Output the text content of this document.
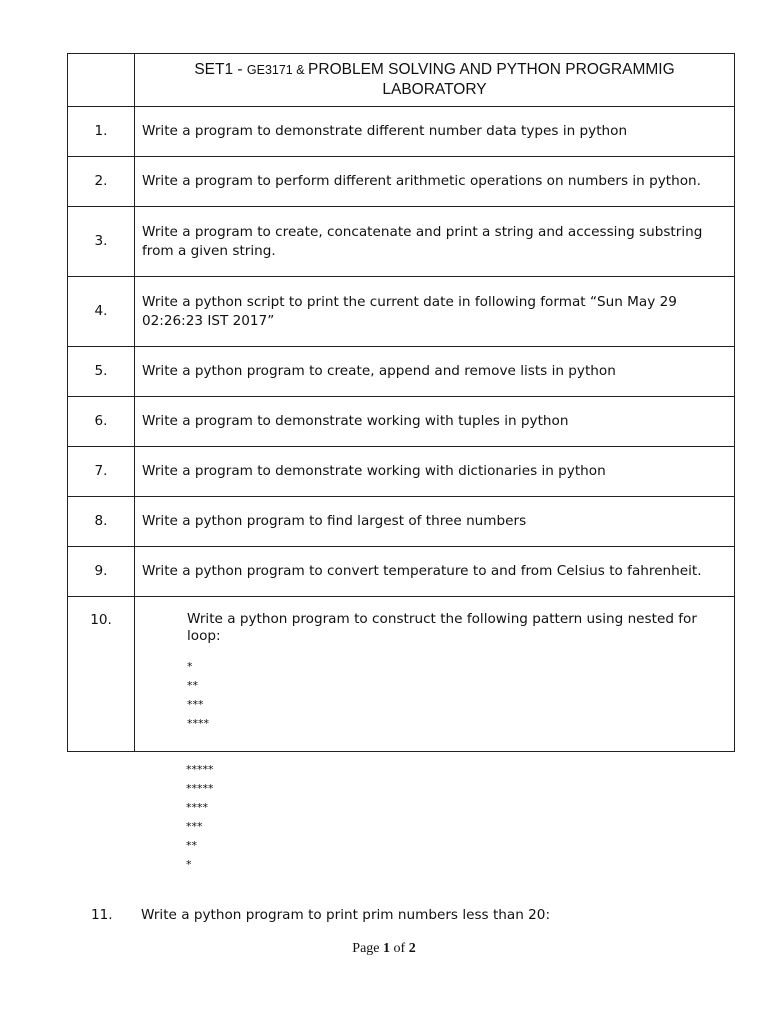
	SET1 - GE3171 & PROBLEM SOLVING AND PYTHON PROGRAMMIG
LABORATORY

1.	Write a program to demonstrate different number data types in python
2.	Write a program to perform different arithmetic operations on numbers in python.
3.	Write a program to create, concatenate and print a string and accessing substring from a given string.
4.	Write a python script to print the current date in following format “Sun May 29 02:26:23 IST 2017”
5.	Write a python program to create, append and remove lists in python
6.	Write a program to demonstrate working with tuples in python
7.	Write a program to demonstrate working with dictionaries in python
8.	Write a python program to find largest of three numbers
9.	Write a python program to convert temperature to and from Celsius to fahrenheit.
10.	Write a python program to construct the following pattern using nested for loop:
*
**
***
****
*****
*****
****
***
**
*
11. Write a python program to print prim numbers less than 20:
Page 1 of 2
